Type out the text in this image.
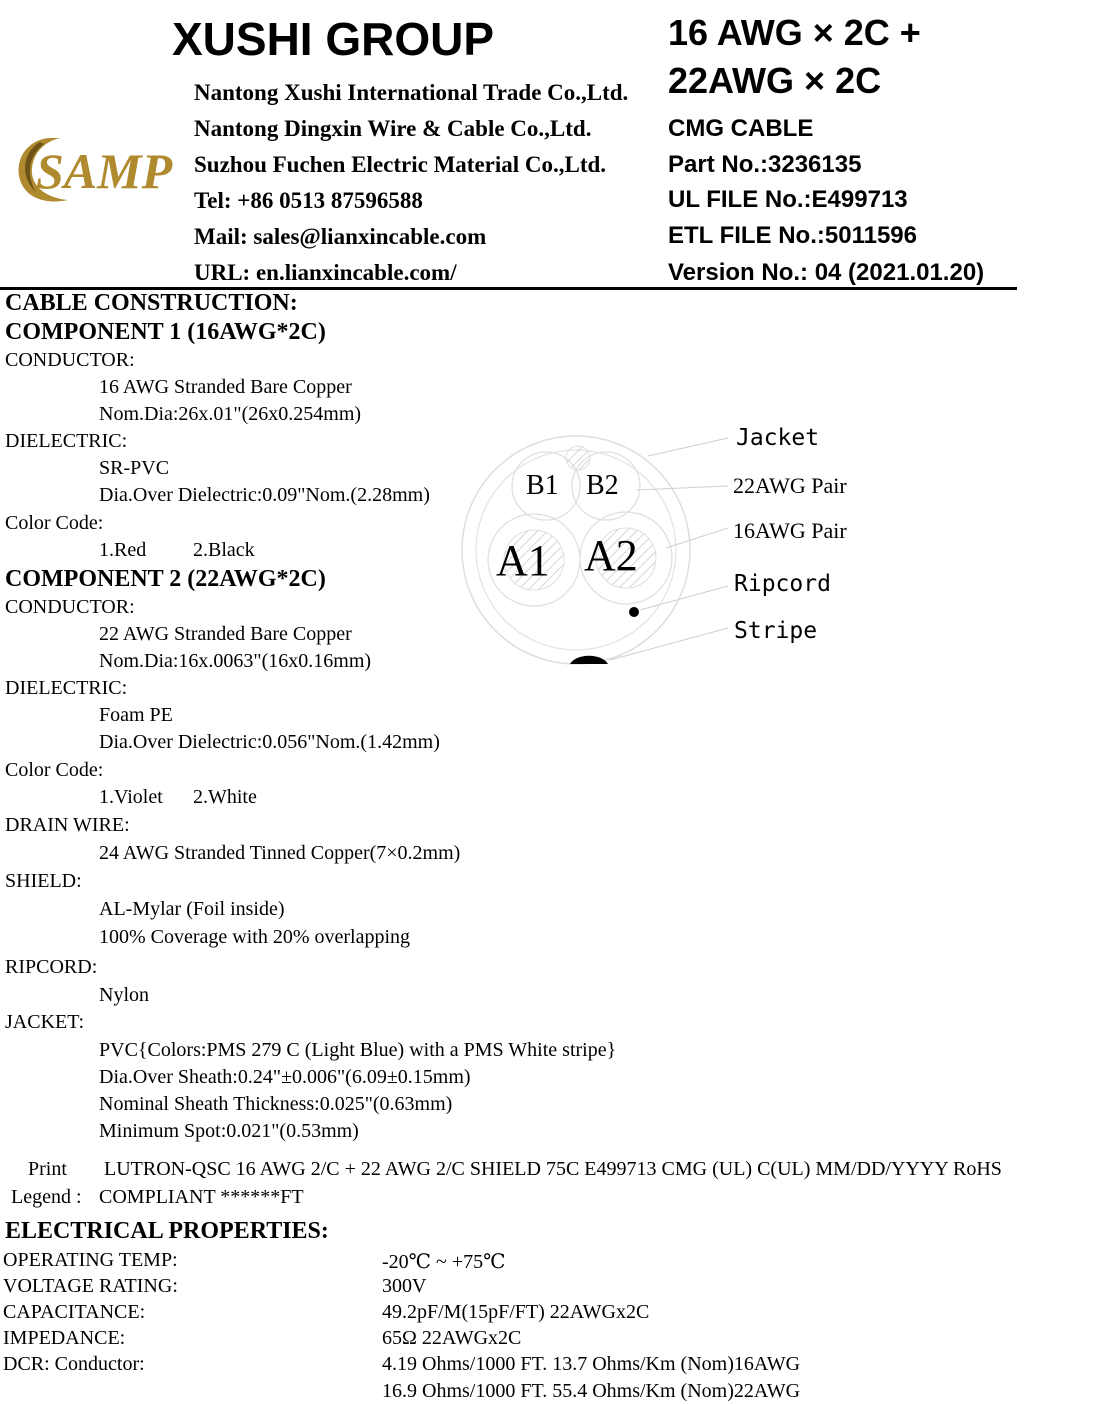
XUSHI GROUP
Nantong Xushi International Trade Co.,Ltd.
Nantong Dingxin Wire & Cable Co.,Ltd.
Suzhou Fuchen Electric Material Co.,Ltd.
Tel: +86 0513 87596588
Mail: sales@lianxincable.com
URL: en.lianxincable.com/
SAMP
16 AWG × 2C +
22AWG × 2C
CMG CABLE
Part No.:3236135
UL FILE No.:E499713
ETL FILE No.:5011596
Version No.: 04 (2021.01.20)
CABLE CONSTRUCTION:
COMPONENT 1 (16AWG*2C)
CONDUCTOR:
16 AWG Stranded Bare Copper
Nom.Dia:26x.01"(26x0.254mm)
DIELECTRIC:
SR-PVC
Dia.Over Dielectric:0.09"Nom.(2.28mm)
Color Code:
1.Red 2.Black
COMPONENT 2 (22AWG*2C)
CONDUCTOR:
22 AWG Stranded Bare Copper
Nom.Dia:16x.0063"(16x0.16mm)
DIELECTRIC:
Foam PE
Dia.Over Dielectric:0.056"Nom.(1.42mm)
Color Code:
1.Violet 2.White
DRAIN WIRE:
24 AWG Stranded Tinned Copper(7×0.2mm)
SHIELD:
AL-Mylar (Foil inside)
100% Coverage with 20% overlapping
RIPCORD:
Nylon
JACKET:
PVC{Colors:PMS 279 C (Light Blue) with a PMS White stripe}
Dia.Over Sheath:0.24"±0.006"(6.09±0.15mm)
Nominal Sheath Thickness:0.025"(0.63mm)
Minimum Spot:0.021"(0.53mm)
Print LUTRON-QSC 16 AWG 2/C + 22 AWG 2/C SHIELD 75C E499713 CMG (UL) C(UL) MM/DD/YYYY RoHS
Legend : COMPLIANT ******FT
ELECTRICAL PROPERTIES:
OPERATING TEMP:	-20℃ ~ +75℃
VOLTAGE RATING:	300V
CAPACITANCE:	49.2pF/M(15pF/FT) 22AWGx2C
IMPEDANCE:	65Ω 22AWGx2C
DCR: Conductor:	4.19 Ohms/1000 FT. 13.7 Ohms/Km (Nom)16AWG
16.9 Ohms/1000 FT. 55.4 Ohms/Km (Nom)22AWG
B1 B2
A1 A2
Jacket
22AWG Pair
16AWG Pair
Ripcord
Stripe
